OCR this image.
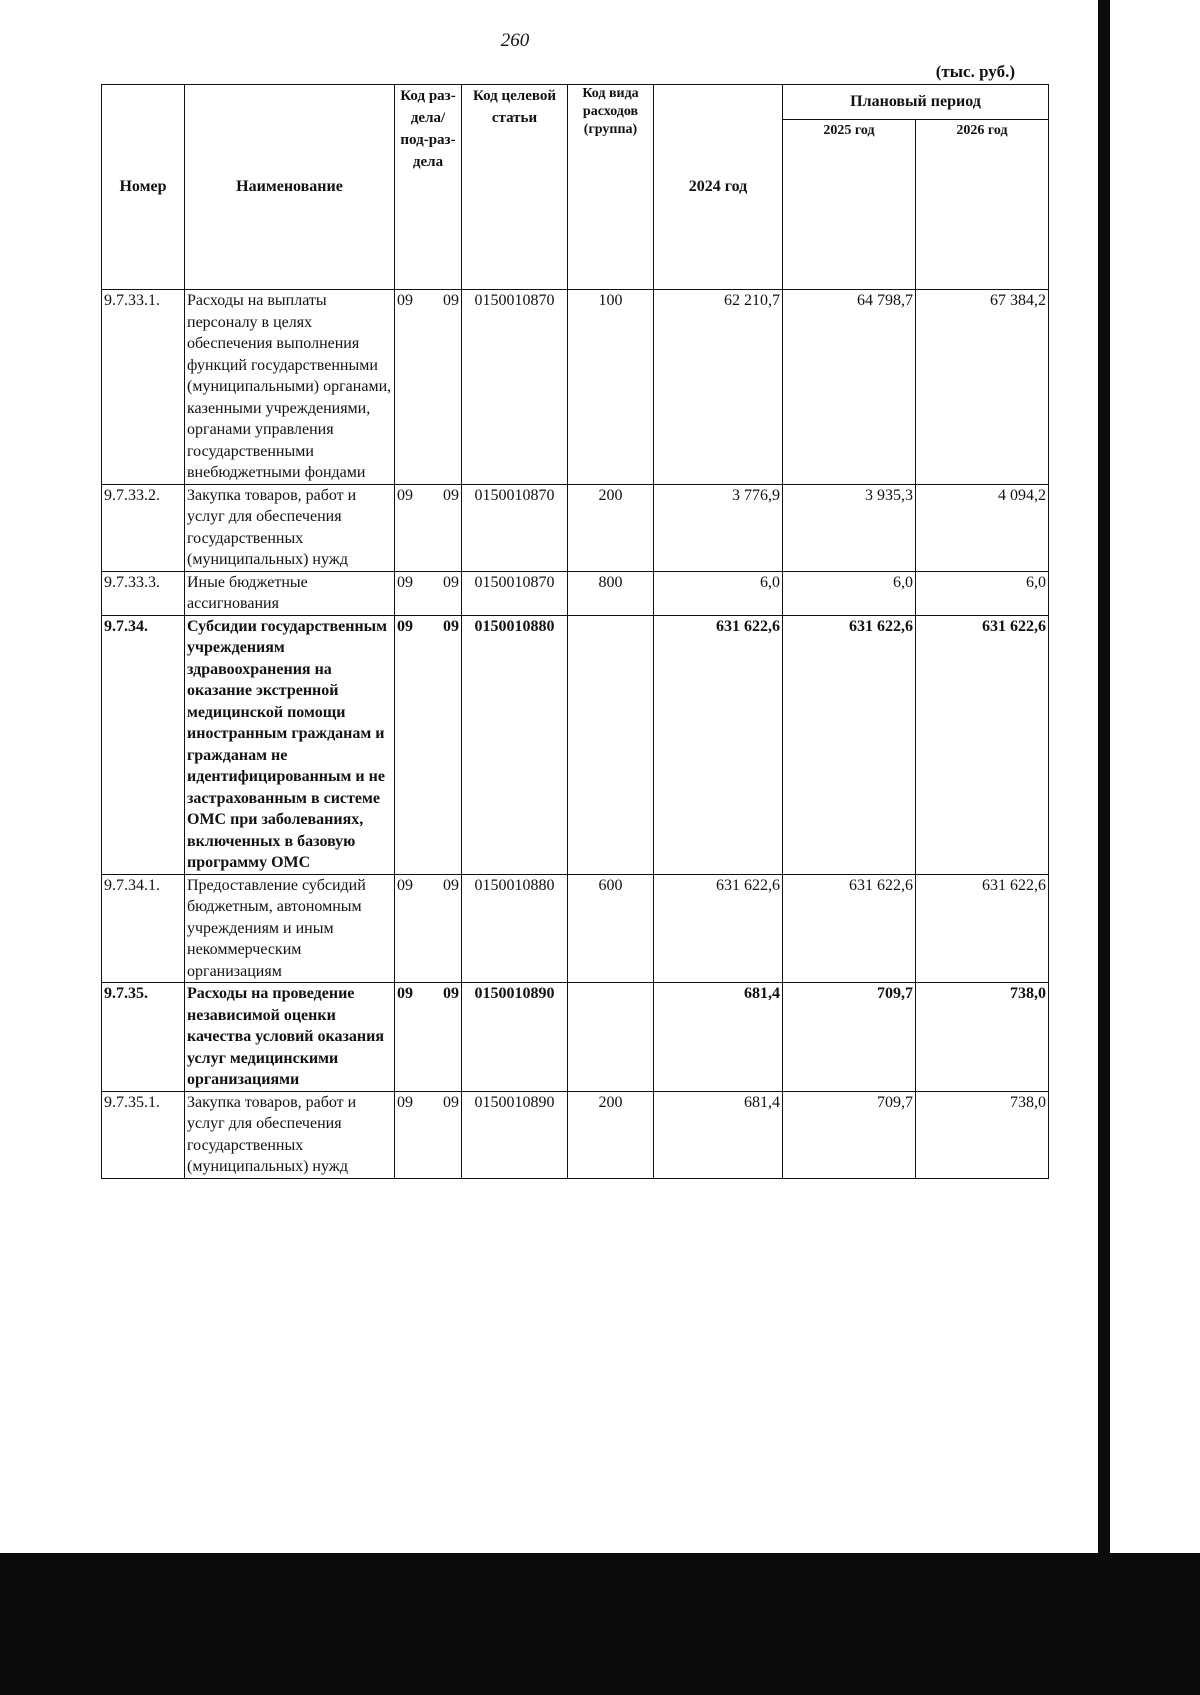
260
(тыс. руб.)
Номер	Наименование	Код раз-дела/ под-раз-дела	Код целевой статьи	Код вида расходов (группа)	2024 год	Плановый период	
						2025 год	2026 год
9.7.33.1.	Расходы на выплаты персоналу в целях обеспечения выполнения функций государственными (муниципальными) органами, казенными учреждениями, органами управления государственными внебюджетными фондами	09 09	0150010870	100	62 210,7	64 798,7	67 384,2
9.7.33.2.	Закупка товаров, работ и услуг для обеспечения государственных (муниципальных) нужд	09 09	0150010870	200	3 776,9	3 935,3	4 094,2
9.7.33.3.	Иные бюджетные ассигнования	09 09	0150010870	800	6,0	6,0	6,0
9.7.34.	Субсидии государственным учреждениям здравоохранения на оказание экстренной медицинской помощи иностранным гражданам и гражданам не идентифицированным и не застрахованным в системе ОМС при заболеваниях, включенных в базовую программу ОМС	09 09	0150010880		631 622,6	631 622,6	631 622,6
9.7.34.1.	Предоставление субсидий бюджетным, автономным учреждениям и иным некоммерческим организациям	09 09	0150010880	600	631 622,6	631 622,6	631 622,6
9.7.35.	Расходы на проведение независимой оценки качества условий оказания услуг медицинскими организациями	09 09	0150010890		681,4	709,7	738,0
9.7.35.1.	Закупка товаров, работ и услуг для обеспечения государственных (муниципальных) нужд	09 09	0150010890	200	681,4	709,7	738,0
